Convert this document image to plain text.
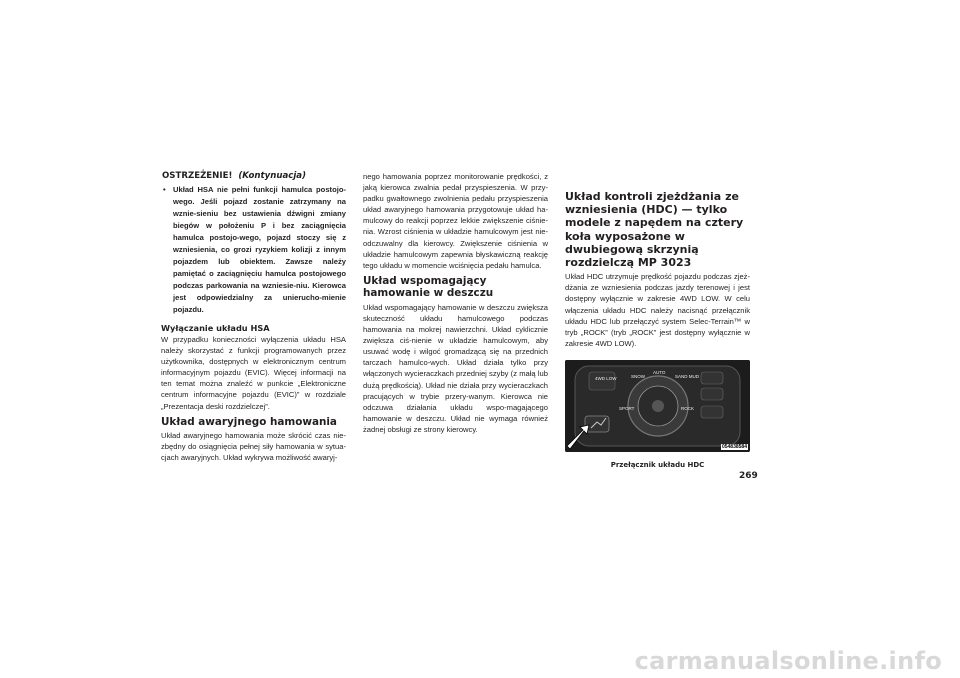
OSTRZEŻENIE! (Kontynuacja)

• Układ HSA nie pełni funkcji hamulca postojo-wego. Jeśli pojazd zostanie zatrzymany na wznie-sieniu bez ustawienia dźwigni zmiany biegów w położeniu P i bez zaciągnięcia hamulca postojo-wego, pojazd stoczy się z wzniesienia, co grozi ryzykiem kolizji z innym pojazdem lub obiektem. Zawsze należy pamiętać o zaciągnięciu hamulca postojowego podczas parkowania na wzniesie-niu. Kierowca jest odpowiedzialny za unierucho-mienie pojazdu.

Wyłączanie układu HSA

W przypadku konieczności wyłączenia układu HSA należy skorzystać z funkcji programowanych przez użytkownika, dostępnych w elektronicznym centrum informacyjnym pojazdu (EVIC). Więcej informacji na ten temat można znaleźć w punkcie „Elektroniczne centrum informacyjne pojazdu (EVIC)” w rozdziale „Prezentacja deski rozdzielczej”.

Układ awaryjnego hamowania

Układ awaryjnego hamowania może skrócić czas nie-zbędny do osiągnięcia pełnej siły hamowania w sytua-cjach awaryjnych. Układ wykrywa możliwość awaryj-

nego hamowania poprzez monitorowanie prędkości, z jaką kierowca zwalnia pedał przyspieszenia. W przy-padku gwałtownego zwolnienia pedału przyspieszenia układ awaryjnego hamowania przygotowuje układ ha-mulcowy do reakcji poprzez lekkie zwiększenie ciśnie-nia. Wzrost ciśnienia w układzie hamulcowym jest nie-odczuwalny dla kierowcy. Zwiększenie ciśnienia w układzie hamulcowym zapewnia błyskawiczną reakcję tego układu w momencie wciśnięcia pedału hamulca.

Układ wspomagający hamowanie w deszczu

Układ wspomagający hamowanie w deszczu zwiększa skuteczność układu hamulcowego podczas hamowania na mokrej nawierzchni. Układ cyklicznie zwiększa ciś-nienie w układzie hamulcowym, aby usuwać wodę i wilgoć gromadzącą się na przednich tarczach hamulco-wych. Układ działa tylko przy włączonych wycieraczkach przedniej szyby (z małą lub dużą prędkością). Układ nie działa przy wycieraczkach pracujących w trybie przery-wanym. Kierowca nie odczuwa działania układu wspo-magającego hamowanie w deszczu. Układ nie wymaga również żadnej obsługi ze strony kierowcy.

Układ kontroli zjeżdżania ze wzniesienia (HDC) — tylko modele z napędem na cztery koła wyposażone w dwubiegową skrzynią rozdzielczą MP 3023

Układ HDC utrzymuje prędkość pojazdu podczas zjeż-dżania ze wzniesienia podczas jazdy terenowej i jest dostępny wyłącznie w zakresie 4WD LOW. W celu włączenia układu HDC należy nacisnąć przełącznik układu HDC lub przełączyć system Selec-Terrain™ w tryb „ROCK” (tryb „ROCK” jest dostępny wyłącznie w zakresie 4WD LOW).

4WD LOW	SNOW
AUTO
SAND MUD
SPORT	ROCK
054838584
Przełącznik układu HDC
269
carmanualsonline.info
